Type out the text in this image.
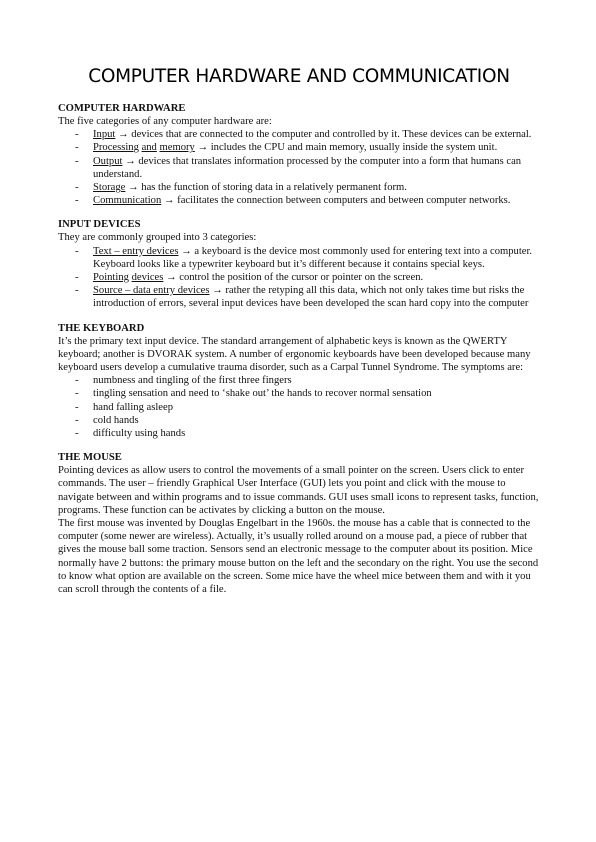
COMPUTER HARDWARE AND COMMUNICATION
COMPUTER HARDWARE

The five categories of any computer hardware are:

- Input → devices that are connected to the computer and controlled by it. These devices can be external.
- Processing and memory → includes the CPU and main memory, usually inside the system unit.
- Output → devices that translates information processed by the computer into a form that humans can understand.
- Storage → has the function of storing data in a relatively permanent form.
- Communication → facilitates the connection between computers and between computer networks.
INPUT DEVICES

They are commonly grouped into 3 categories:

- Text – entry devices → a keyboard is the device most commonly used for entering text into a computer. Keyboard looks like a typewriter keyboard but it’s different because it contains special keys.
- Pointing devices → control the position of the cursor or pointer on the screen.
- Source – data entry devices → rather the retyping all this data, which not only takes time but risks the introduction of errors, several input devices have been developed the scan hard copy into the computer
THE KEYBOARD

It’s the primary text input device. The standard arrangement of alphabetic keys is known as the QWERTY keyboard; another is DVORAK system. A number of ergonomic keyboards have been developed because many keyboard users develop a cumulative trauma disorder, such as a Carpal Tunnel Syndrome. The symptoms are:

- numbness and tingling of the first three fingers
- tingling sensation and need to ‘shake out’ the hands to recover normal sensation
- hand falling asleep
- cold hands
- difficulty using hands
THE MOUSE

Pointing devices as allow users to control the movements of a small pointer on the screen. Users click to enter commands. The user – friendly Graphical User Interface (GUI) lets you point and click with the mouse to navigate between and within programs and to issue commands. GUI uses small icons to represent tasks, function, programs. These function can be activates by clicking a button on the mouse.

The first mouse was invented by Douglas Engelbart in the 1960s. the mouse has a cable that is connected to the computer (some newer are wireless). Actually, it’s usually rolled around on a mouse pad, a piece of rubber that gives the mouse ball some traction. Sensors send an electronic message to the computer about its position. Mice normally have 2 buttons: the primary mouse button on the left and the secondary on the right. You use the second to know what option are available on the screen. Some mice have the wheel mice between them and with it you can scroll through the contents of a file.
